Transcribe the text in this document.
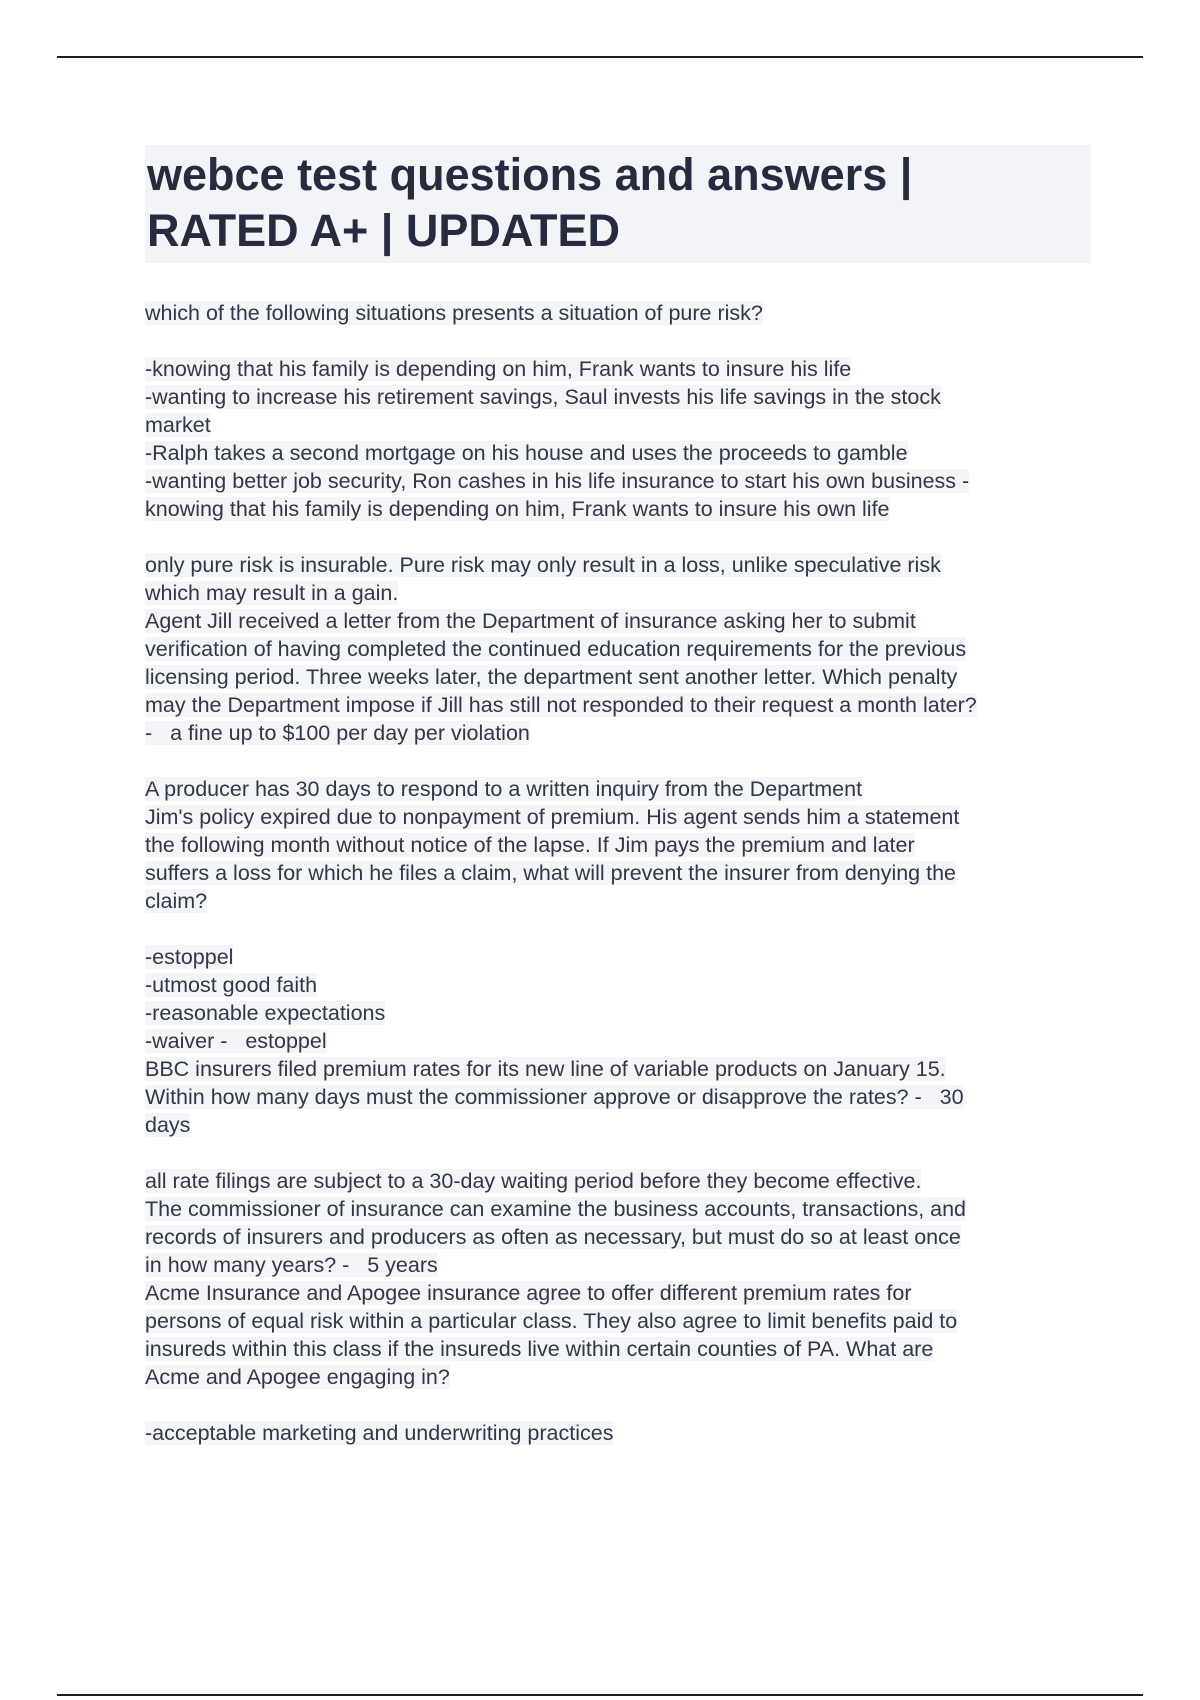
webce test questions and answers |
RATED A+ | UPDATED
which of the following situations presents a situation of pure risk?
-knowing that his family is depending on him, Frank wants to insure his life
-wanting to increase his retirement savings, Saul invests his life savings in the stock
market
-Ralph takes a second mortgage on his house and uses the proceeds to gamble
-wanting better job security, Ron cashes in his life insurance to start his own business -
knowing that his family is depending on him, Frank wants to insure his own life
only pure risk is insurable. Pure risk may only result in a loss, unlike speculative risk
which may result in a gain.
Agent Jill received a letter from the Department of insurance asking her to submit
verification of having completed the continued education requirements for the previous
licensing period. Three weeks later, the department sent another letter. Which penalty
may the Department impose if Jill has still not responded to their request a month later?
-   a fine up to $100 per day per violation
A producer has 30 days to respond to a written inquiry from the Department
Jim's policy expired due to nonpayment of premium. His agent sends him a statement
the following month without notice of the lapse. If Jim pays the premium and later
suffers a loss for which he files a claim, what will prevent the insurer from denying the
claim?
-estoppel
-utmost good faith
-reasonable expectations
-waiver -   estoppel
BBC insurers filed premium rates for its new line of variable products on January 15.
Within how many days must the commissioner approve or disapprove the rates? -   30
days
all rate filings are subject to a 30-day waiting period before they become effective.
The commissioner of insurance can examine the business accounts, transactions, and
records of insurers and producers as often as necessary, but must do so at least once
in how many years? -   5 years
Acme Insurance and Apogee insurance agree to offer different premium rates for
persons of equal risk within a particular class. They also agree to limit benefits paid to
insureds within this class if the insureds live within certain counties of PA. What are
Acme and Apogee engaging in?
-acceptable marketing and underwriting practices
